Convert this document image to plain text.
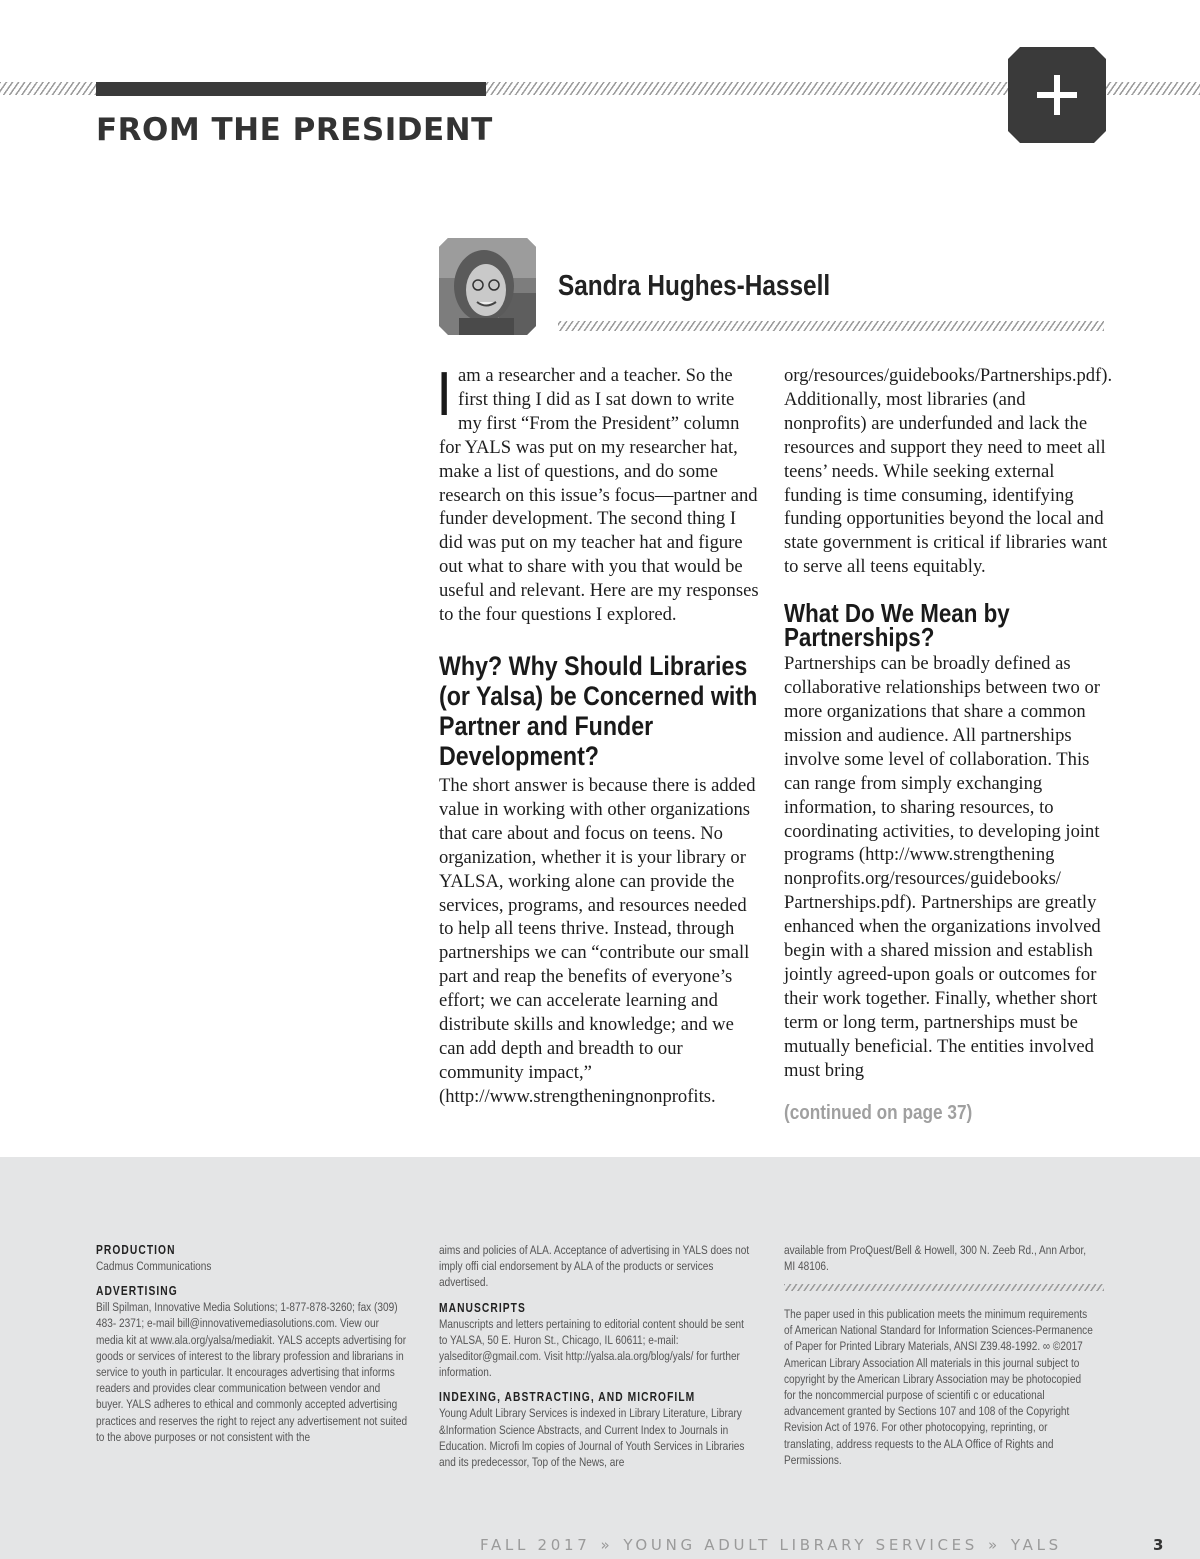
FROM THE PRESIDENT
Sandra Hughes-Hassell

Iam a researcher and a teacher. So the first thing I did as I sat down to write my first “From the President” column for YALS was put on my researcher hat, make a list of questions, and do some research on this issue’s focus—partner and funder development. The second thing I did was put on my teacher hat and figure out what to share with you that would be useful and relevant. Here are my responses to the four questions I explored.

Why? Why Should Libraries (or Yalsa) be Concerned with Partner and Funder Development?

The short answer is because there is added value in working with other organizations that care about and focus on teens. No organization, whether it is your library or YALSA, working alone can provide the services, programs, and resources needed to help all teens thrive. Instead, through partnerships we can “contribute our small part and reap the benefits of everyone’s effort; we can accelerate learning and distribute skills and knowledge; and we can add depth and breadth to our community impact,” (http://www.strengtheningnonprofits.

org/resources/guidebooks/Partnerships.pdf). Additionally, most libraries (and nonprofits) are underfunded and lack the resources and support they need to meet all teens’ needs. While seeking external funding is time consuming, identifying funding opportunities beyond the local and state government is critical if libraries want to serve all teens equitably.

What Do We Mean by Partnerships?

Partnerships can be broadly defined as collaborative relationships between two or more organizations that share a common mission and audience. All partnerships involve some level of collaboration. This can range from simply exchanging information, to sharing resources, to coordinating activities, to developing joint programs (http://www.strengthening nonprofits.org/resources/guidebooks/ Partnerships.pdf). Partnerships are greatly enhanced when the organizations involved begin with a shared mission and establish jointly agreed-upon goals or outcomes for their work together. Finally, whether short term or long term, partnerships must be mutually beneficial. The entities involved must bring

(continued on page 37)
PRODUCTION

Cadmus Communications

ADVERTISING

Bill Spilman, Innovative Media Solutions; 1-877-878-3260; fax (309) 483- 2371; e-mail bill@innovativemediasolutions.com. View our media kit at www.ala.org/yalsa/mediakit. YALS accepts advertising for goods or services of interest to the library profession and librarians in service to youth in particular. It encourages advertising that informs readers and provides clear communication between vendor and buyer. YALS adheres to ethical and commonly accepted advertising practices and reserves the right to reject any advertisement not suited to the above purposes or not consistent with the

aims and policies of ALA. Acceptance of advertising in YALS does not imply offi cial endorsement by ALA of the products or services advertised.

MANUSCRIPTS

Manuscripts and letters pertaining to editorial content should be sent to YALSA, 50 E. Huron St., Chicago, IL 60611; e-mail: yalseditor@gmail.com. Visit http://yalsa.ala.org/blog/yals/ for further information.

INDEXING, ABSTRACTING, AND MICROFILM

Young Adult Library Services is indexed in Library Literature, Library &Information Science Abstracts, and Current Index to Journals in Education. Microfi lm copies of Journal of Youth Services in Libraries and its predecessor, Top of the News, are

available from ProQuest/Bell & Howell, 300 N. Zeeb Rd., Ann Arbor, MI 48106.

The paper used in this publication meets the minimum requirements of American National Standard for Information Sciences-Permanence of Paper for Printed Library Materials, ANSI Z39.48-1992. ∞ ©2017 American Library Association All materials in this journal subject to copyright by the American Library Association may be photocopied for the noncommercial purpose of scientifi c or educational advancement granted by Sections 107 and 108 of the Copyright Revision Act of 1976. For other photocopying, reprinting, or translating, address requests to the ALA Office of Rights and Permissions.

FALL 2017 » YOUNG ADULT LIBRARY SERVICES » YALS	3
